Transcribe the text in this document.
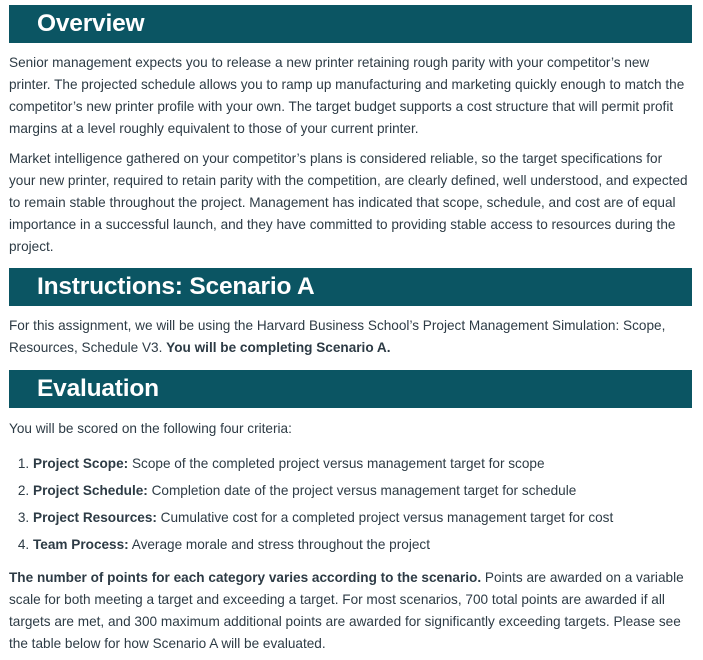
Overview

Senior management expects you to release a new printer retaining rough parity with your competitor’s new printer. The projected schedule allows you to ramp up manufacturing and marketing quickly enough to match the competitor’s new printer profile with your own. The target budget supports a cost structure that will permit profit margins at a level roughly equivalent to those of your current printer.

Market intelligence gathered on your competitor’s plans is considered reliable, so the target specifications for your new printer, required to retain parity with the competition, are clearly defined, well understood, and expected to remain stable throughout the project. Management has indicated that scope, schedule, and cost are of equal importance in a successful launch, and they have committed to providing stable access to resources during the project.

Instructions: Scenario A

For this assignment, we will be using the Harvard Business School’s Project Management Simulation: Scope, Resources, Schedule V3. You will be completing Scenario A.

Evaluation

You will be scored on the following four criteria:

1. Project Scope: Scope of the completed project versus management target for scope
2. Project Schedule: Completion date of the project versus management target for schedule
3. Project Resources: Cumulative cost for a completed project versus management target for cost
4. Team Process: Average morale and stress throughout the project

The number of points for each category varies according to the scenario. Points are awarded on a variable scale for both meeting a target and exceeding a target. For most scenarios, 700 total points are awarded if all targets are met, and 300 maximum additional points are awarded for significantly exceeding targets. Please see the table below for how Scenario A will be evaluated.
